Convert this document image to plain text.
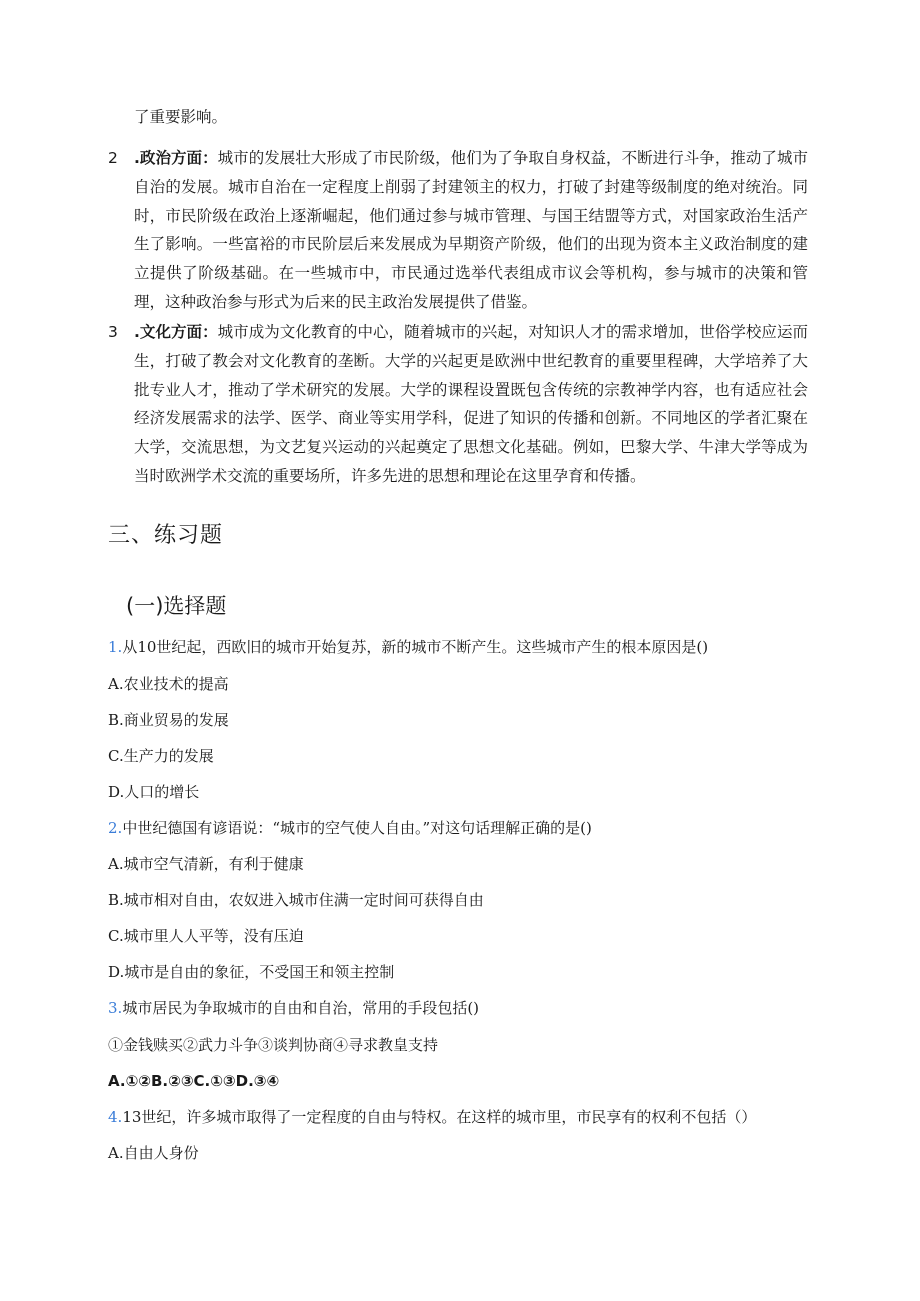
了重要影响。
2 .政治方面：城市的发展壮大形成了市民阶级，他们为了争取自身权益，不断进行斗争，推动了城市自治的发展。城市自治在一定程度上削弱了封建领主的权力，打破了封建等级制度的绝对统治。同时，市民阶级在政治上逐渐崛起，他们通过参与城市管理、与国王结盟等方式，对国家政治生活产生了影响。一些富裕的市民阶层后来发展成为早期资产阶级，他们的出现为资本主义政治制度的建立提供了阶级基础。在一些城市中，市民通过选举代表组成市议会等机构，参与城市的决策和管理，这种政治参与形式为后来的民主政治发展提供了借鉴。
3 .文化方面：城市成为文化教育的中心，随着城市的兴起，对知识人才的需求增加，世俗学校应运而生，打破了教会对文化教育的垄断。大学的兴起更是欧洲中世纪教育的重要里程碑，大学培养了大批专业人才，推动了学术研究的发展。大学的课程设置既包含传统的宗教神学内容，也有适应社会经济发展需求的法学、医学、商业等实用学科，促进了知识的传播和创新。不同地区的学者汇聚在大学，交流思想，为文艺复兴运动的兴起奠定了思想文化基础。例如，巴黎大学、牛津大学等成为当时欧洲学术交流的重要场所，许多先进的思想和理论在这里孕育和传播。
三、练习题
(一)选择题
1.从10世纪起，西欧旧的城市开始复苏，新的城市不断产生。这些城市产生的根本原因是()
A.农业技术的提高
B.商业贸易的发展
C.生产力的发展
D.人口的增长
2.中世纪德国有谚语说：“城市的空气使人自由。”对这句话理解正确的是()
A.城市空气清新，有利于健康
B.城市相对自由，农奴进入城市住满一定时间可获得自由
C.城市里人人平等，没有压迫
D.城市是自由的象征，不受国王和领主控制
3.城市居民为争取城市的自由和自治，常用的手段包括()
①金钱赎买②武力斗争③谈判协商④寻求教皇支持
A.①②B.②③C.①③D.③④
4.13世纪，许多城市取得了一定程度的自由与特权。在这样的城市里，市民享有的权利不包括（）
A.自由人身份
